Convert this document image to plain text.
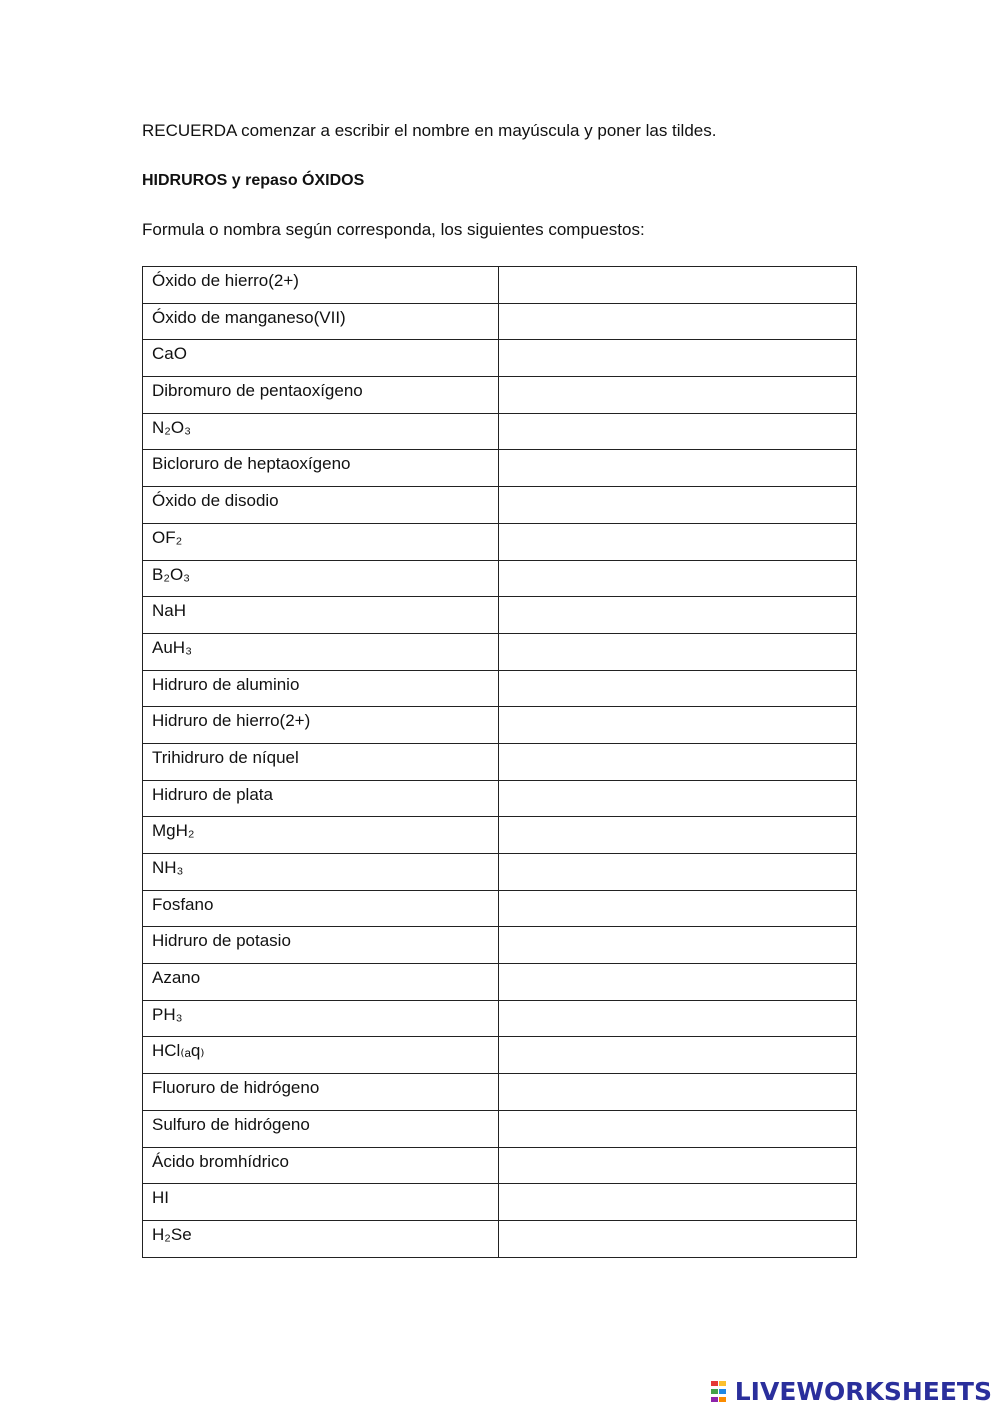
RECUERDA comenzar a escribir el nombre en mayúscula y poner las tildes.
HIDRUROS y repaso ÓXIDOS
Formula o nombra según corresponda, los siguientes compuestos:
Óxido de hierro(2+)	
Óxido de manganeso(VII)	
CaO	
Dibromuro de pentaoxígeno	
N₂O₃	
Bicloruro de heptaoxígeno	
Óxido de disodio	
OF₂	
B₂O₃	
NaH	
AuH₃	
Hidruro de aluminio	
Hidruro de hierro(2+)	
Trihidruro de níquel	
Hidruro de plata	
MgH₂	
NH₃	
Fosfano	
Hidruro de potasio	
Azano	
PH₃	
HCl₍ₐq₎	
Fluoruro de hidrógeno	
Sulfuro de hidrógeno	
Ácido bromhídrico	
HI	
H₂Se	
LIVEWORKSHEETS
